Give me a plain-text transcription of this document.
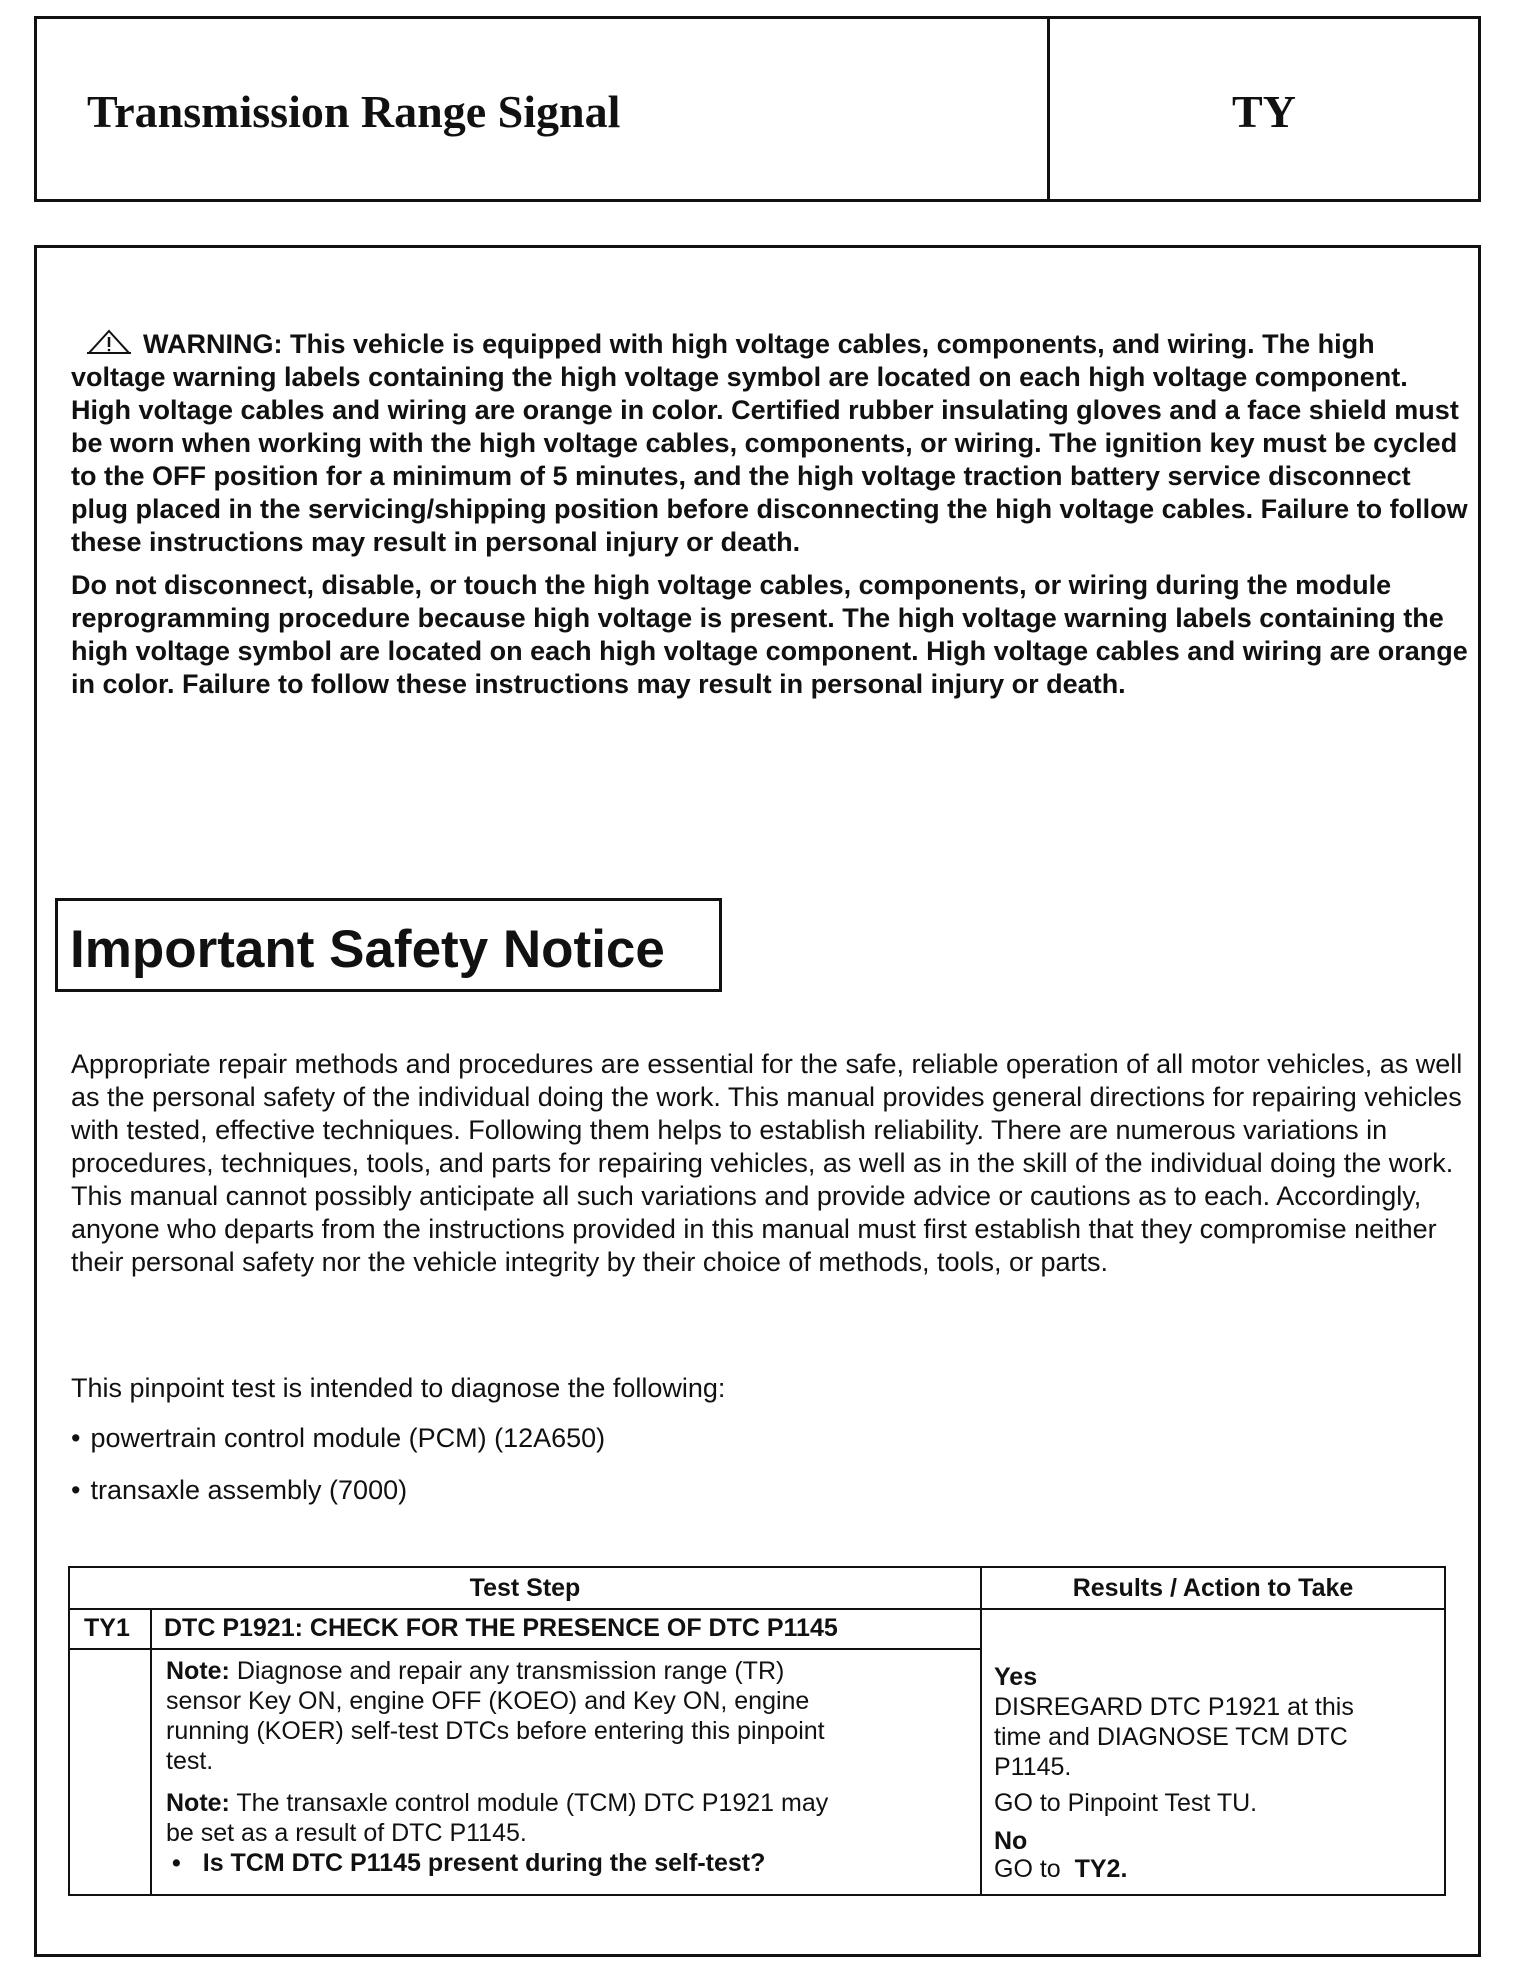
Transmission Range Signal	TY

WARNING: This vehicle is equipped with high voltage cables, components, and wiring. The high voltage warning labels containing the high voltage symbol are located on each high voltage component. High voltage cables and wiring are orange in color. Certified rubber insulating gloves and a face shield must be worn when working with the high voltage cables, components, or wiring. The ignition key must be cycled to the OFF position for a minimum of 5 minutes, and the high voltage traction battery service disconnect plug placed in the servicing/shipping position before disconnecting the high voltage cables. Failure to follow these instructions may result in personal injury or death.

Do not disconnect, disable, or touch the high voltage cables, components, or wiring during the module reprogramming procedure because high voltage is present. The high voltage warning labels containing the high voltage symbol are located on each high voltage component. High voltage cables and wiring are orange in color. Failure to follow these instructions may result in personal injury or death.

Important Safety Notice

Appropriate repair methods and procedures are essential for the safe, reliable operation of all motor vehicles, as well as the personal safety of the individual doing the work. This manual provides general directions for repairing vehicles with tested, effective techniques. Following them helps to establish reliability. There are numerous variations in procedures, techniques, tools, and parts for repairing vehicles, as well as in the skill of the individual doing the work. This manual cannot possibly anticipate all such variations and provide advice or cautions as to each. Accordingly, anyone who departs from the instructions provided in this manual must first establish that they compromise neither their personal safety nor the vehicle integrity by their choice of methods, tools, or parts.

This pinpoint test is intended to diagnose the following:
• powertrain control module (PCM) (12A650)
• transaxle assembly (7000)
Test Step	Results / Action to Take
TY1 DTC P1921: CHECK FOR THE PRESENCE OF DTC P1145
Note: Diagnose and repair any transmission range (TR)
sensor Key ON, engine OFF (KOEO) and Key ON, engine
running (KOER) self-test DTCs before entering this pinpoint
test.
Note: The transaxle control module (TCM) DTC P1921 may
be set as a result of DTC P1145.
• Is TCM DTC P1145 present during the self-test?
Yes
DISREGARD DTC P1921 at this
time and DIAGNOSE TCM DTC
P1145.
GO to Pinpoint Test TU.
No
GO to TY2.
